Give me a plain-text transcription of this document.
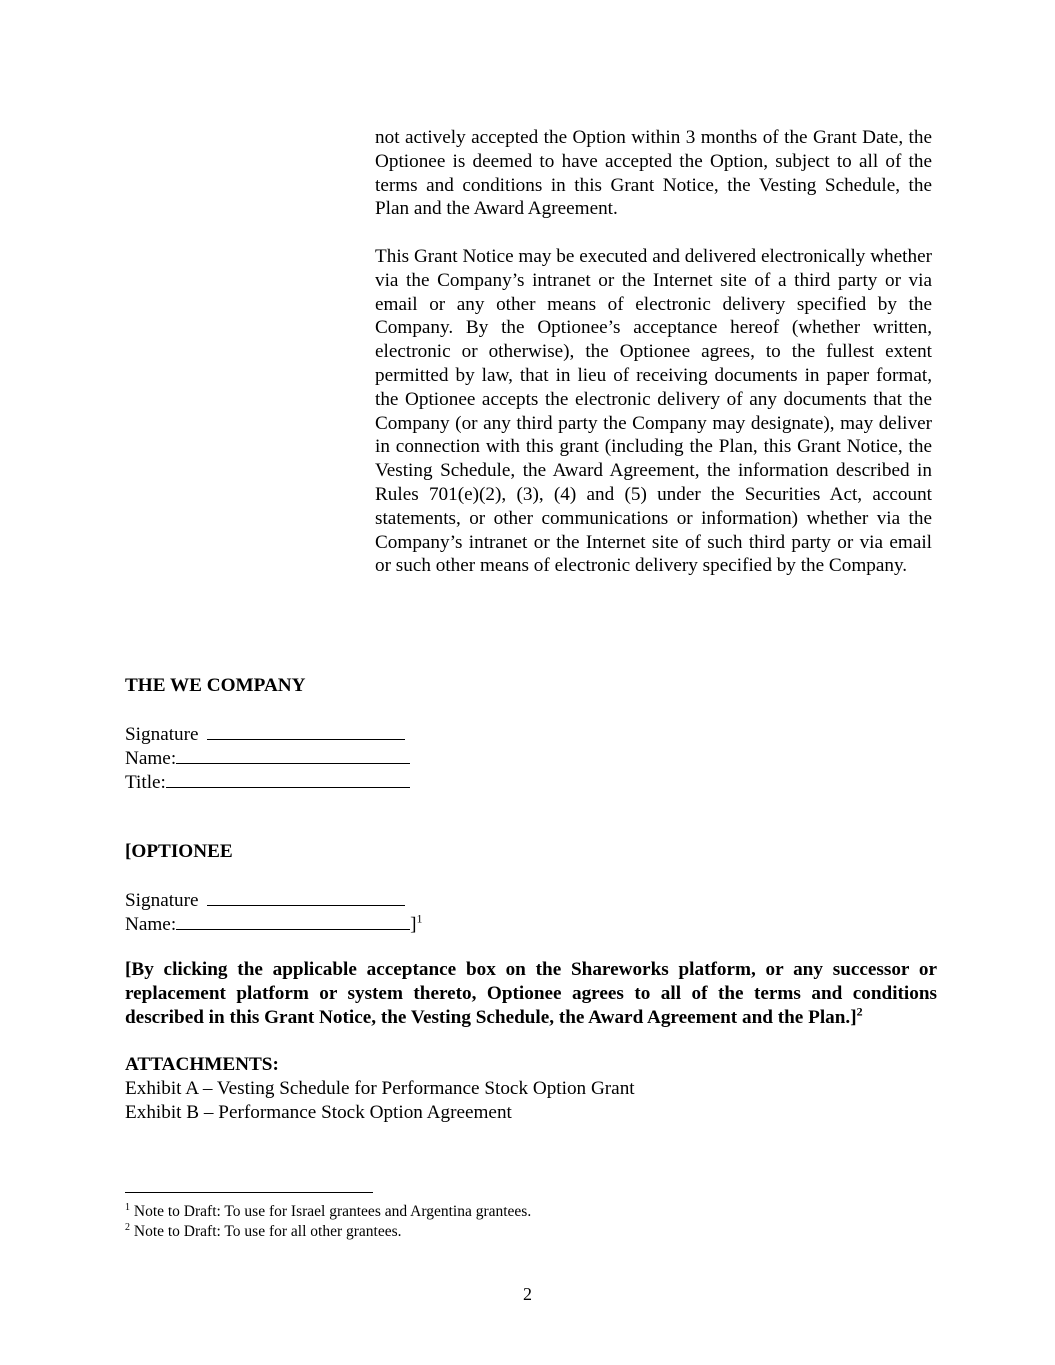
not actively accepted the Option within 3 months of the Grant Date, the Optionee is deemed to have accepted the Option, subject to all of the terms and conditions in this Grant Notice, the Vesting Schedule, the Plan and the Award Agreement.
This Grant Notice may be executed and delivered electronically whether via the Company’s intranet or the Internet site of a third party or via email or any other means of electronic delivery specified by the Company. By the Optionee’s acceptance hereof (whether written, electronic or otherwise), the Optionee agrees, to the fullest extent permitted by law, that in lieu of receiving documents in paper format, the Optionee accepts the electronic delivery of any documents that the Company (or any third party the Company may designate), may deliver in connection with this grant (including the Plan, this Grant Notice, the Vesting Schedule, the Award Agreement, the information described in Rules 701(e)(2), (3), (4) and (5) under the Securities Act, account statements, or other communications or information) whether via the Company’s intranet or the Internet site of such third party or via email or such other means of electronic delivery specified by the Company.
THE WE COMPANY
Signature
Name:
Title:
[OPTIONEE
Signature
Name:	]$^1$
[By clicking the applicable acceptance box on the Shareworks platform, or any successor or replacement platform or system thereto, Optionee agrees to all of the terms and conditions described in this Grant Notice, the Vesting Schedule, the Award Agreement and the Plan.]$^2$
ATTACHMENTS:
Exhibit A – Vesting Schedule for Performance Stock Option Grant
Exhibit B – Performance Stock Option Agreement
$^1$ Note to Draft: To use for Israel grantees and Argentina grantees.
$^2$ Note to Draft: To use for all other grantees.
2
